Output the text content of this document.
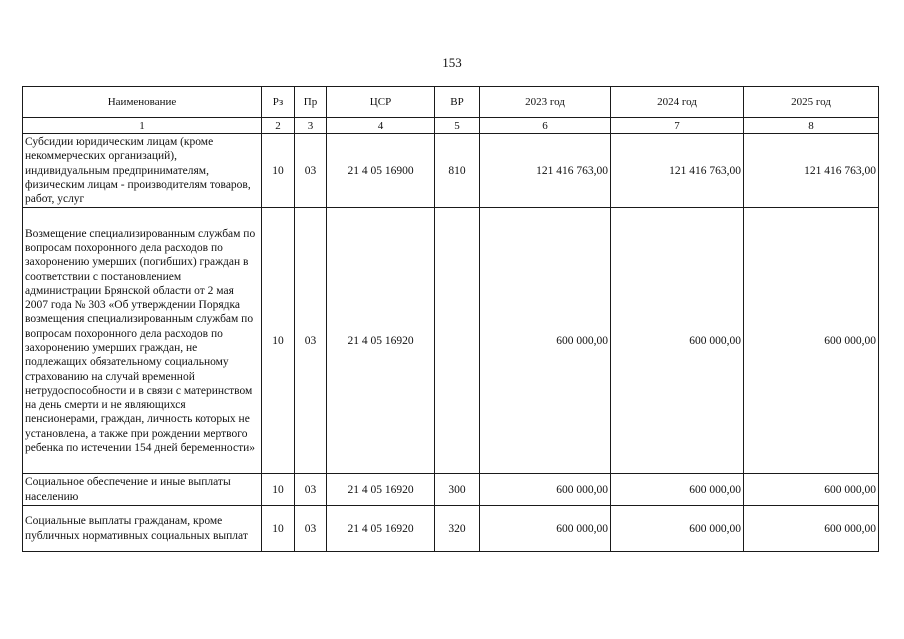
153
Наименование	Рз	Пр	ЦСР	ВР	2023 год	2024 год	2025 год
1	2	3	4	5	6	7	8
Субсидии юридическим лицам (кроме некоммерческих организаций), индивидуальным предпринимателям, физическим лицам - производителям товаров, работ, услуг	10	03	21 4 05 16900	810	121 416 763,00	121 416 763,00	121 416 763,00
Возмещение специализированным службам по вопросам похоронного дела расходов по захоронению умерших (погибших) граждан в соответствии с постановлением администрации Брянской области от 2 мая 2007 года № 303 «Об утверждении Порядка возмещения специализированным службам по вопросам похоронного дела расходов по захоронению умерших граждан, не подлежащих обязательному социальному страхованию на случай временной нетрудоспособности и в связи с материнством на день смерти и не являющихся пенсионерами, граждан, личность которых не установлена, а также при рождении мертвого ребенка по истечении 154 дней беременности»	10	03	21 4 05 16920		600 000,00	600 000,00	600 000,00
Социальное обеспечение и иные выплаты населению	10	03	21 4 05 16920	300	600 000,00	600 000,00	600 000,00
Социальные выплаты гражданам, кроме публичных нормативных социальных выплат	10	03	21 4 05 16920	320	600 000,00	600 000,00	600 000,00
